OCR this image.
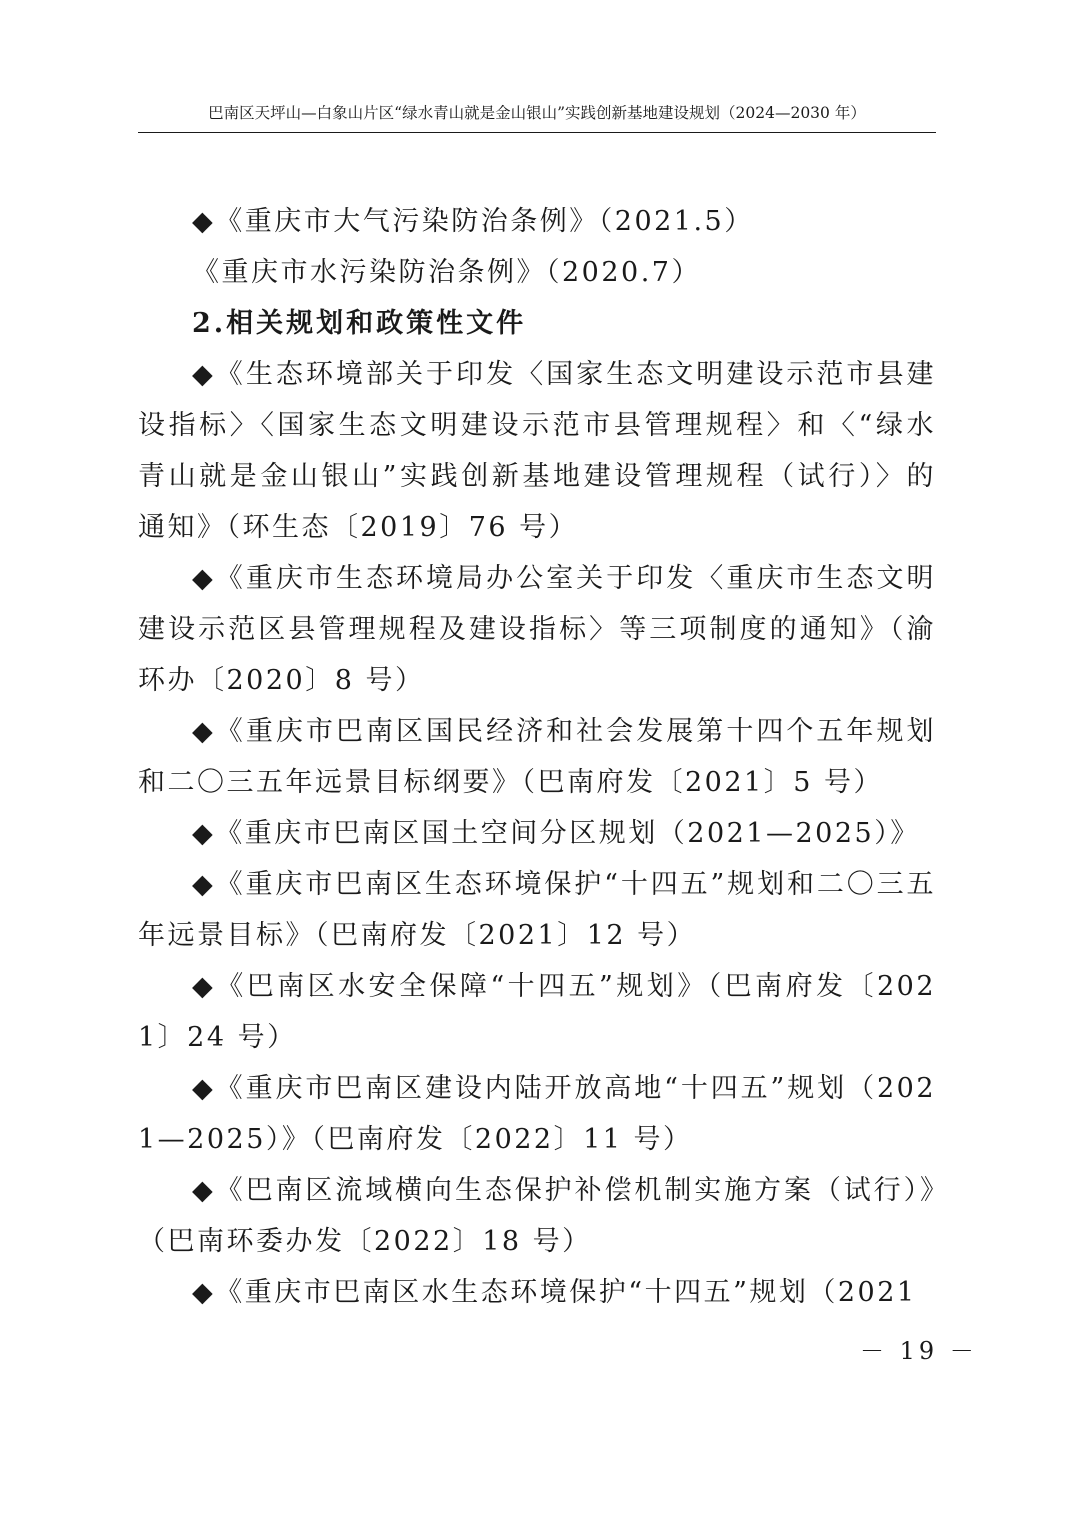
巴南区天坪山—白象山片区“绿水青山就是金山银山”实践创新基地建设规划（2024—2030 年）

◆《重庆市大气污染防治条例》（2021.5）

《重庆市水污染防治条例》（2020.7）

2.相关规划和政策性文件

◆《生态环境部关于印发〈国家生态文明建设示范市县建设指标〉〈国家生态文明建设示范市县管理规程〉和〈“绿水青山就是金山银山”实践创新基地建设管理规程（试行）〉的通知》（环生态〔2019〕76 号）

◆《重庆市生态环境局办公室关于印发〈重庆市生态文明建设示范区县管理规程及建设指标〉等三项制度的通知》（渝环办〔2020〕8 号）

◆《重庆市巴南区国民经济和社会发展第十四个五年规划和二〇三五年远景目标纲要》（巴南府发〔2021〕5 号）

◆《重庆市巴南区国土空间分区规划（2021—2025）》

◆《重庆市巴南区生态环境保护“十四五”规划和二〇三五年远景目标》（巴南府发〔2021〕12 号）

◆《巴南区水安全保障“十四五”规划》（巴南府发〔2021〕24 号）

◆《重庆市巴南区建设内陆开放高地“十四五”规划（2021—2025）》（巴南府发〔2022〕11 号）

◆《巴南区流域横向生态保护补偿机制实施方案（试行）》（巴南环委办发〔2022〕18 号）

◆《重庆市巴南区水生态环境保护“十四五”规划（2021

－ 19 －
